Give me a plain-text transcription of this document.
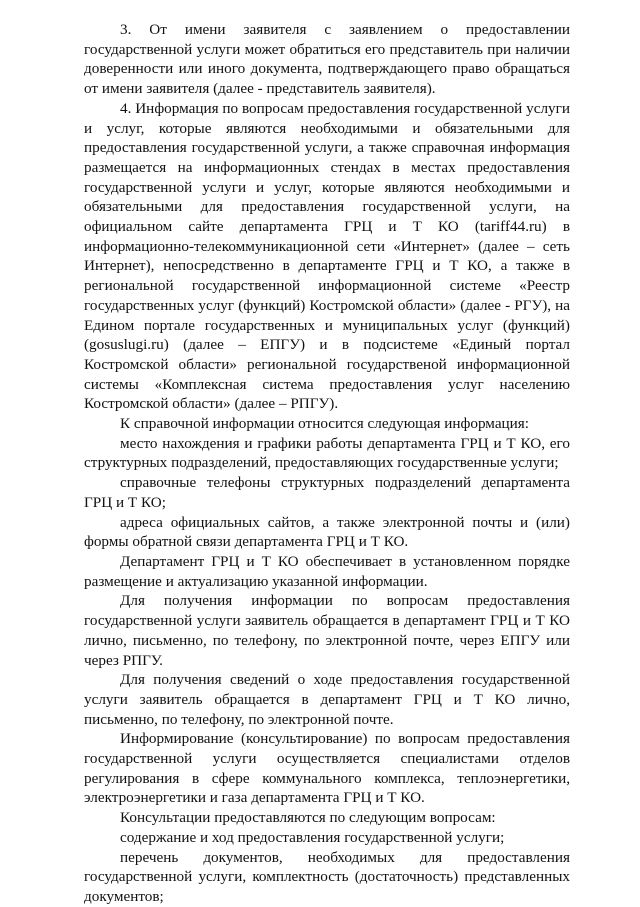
3. От имени заявителя с заявлением о предоставлении государственной услуги может обратиться его представитель при наличии доверенности или иного документа, подтверждающего право обращаться от имени заявителя (далее - представитель заявителя).

4. Информация по вопросам предоставления государственной услуги и услуг, которые являются необходимыми и обязательными для предоставления государственной услуги, а также справочная информация размещается на информационных стендах в местах предоставления государственной услуги и услуг, которые являются необходимыми и обязательными для предоставления государственной услуги, на официальном сайте департамента ГРЦ и Т КО (tariff44.ru) в информационно-телекоммуникационной сети «Интернет» (далее – сеть Интернет), непосредственно в департаменте ГРЦ и Т КО, а также в региональной государственной информационной системе «Реестр государственных услуг (функций) Костромской области» (далее - РГУ), на Едином портале государственных и муниципальных услуг (функций) (gosuslugi.ru) (далее – ЕПГУ) и в подсистеме «Единый портал Костромской области» региональной государственой информационной системы «Комплексная система предоставления услуг населению Костромской области» (далее – РПГУ).

К справочной информации относится следующая информация:

место нахождения и графики работы департамента ГРЦ и Т КО, его структурных подразделений, предоставляющих государственные услуги;

справочные телефоны структурных подразделений департамента ГРЦ и Т КО;

адреса официальных сайтов, а также электронной почты и (или) формы обратной связи департамента ГРЦ и Т КО.

Департамент ГРЦ и Т КО обеспечивает в установленном порядке размещение и актуализацию указанной информации.

Для получения информации по вопросам предоставления государственной услуги заявитель обращается в департамент ГРЦ и Т КО лично, письменно, по телефону, по электронной почте, через ЕПГУ или через РПГУ.

Для получения сведений о ходе предоставления государственной услуги заявитель обращается в департамент ГРЦ и Т КО лично, письменно, по телефону, по электронной почте.

Информирование (консультирование) по вопросам предоставления государственной услуги осуществляется специалистами отделов регулирования в сфере коммунального комплекса, теплоэнергетики, электроэнергетики и газа департамента ГРЦ и Т КО.

Консультации предоставляются по следующим вопросам:

содержание и ход предоставления государственной услуги;

перечень документов, необходимых для предоставления государственной услуги, комплектность (достаточность) представленных документов;
